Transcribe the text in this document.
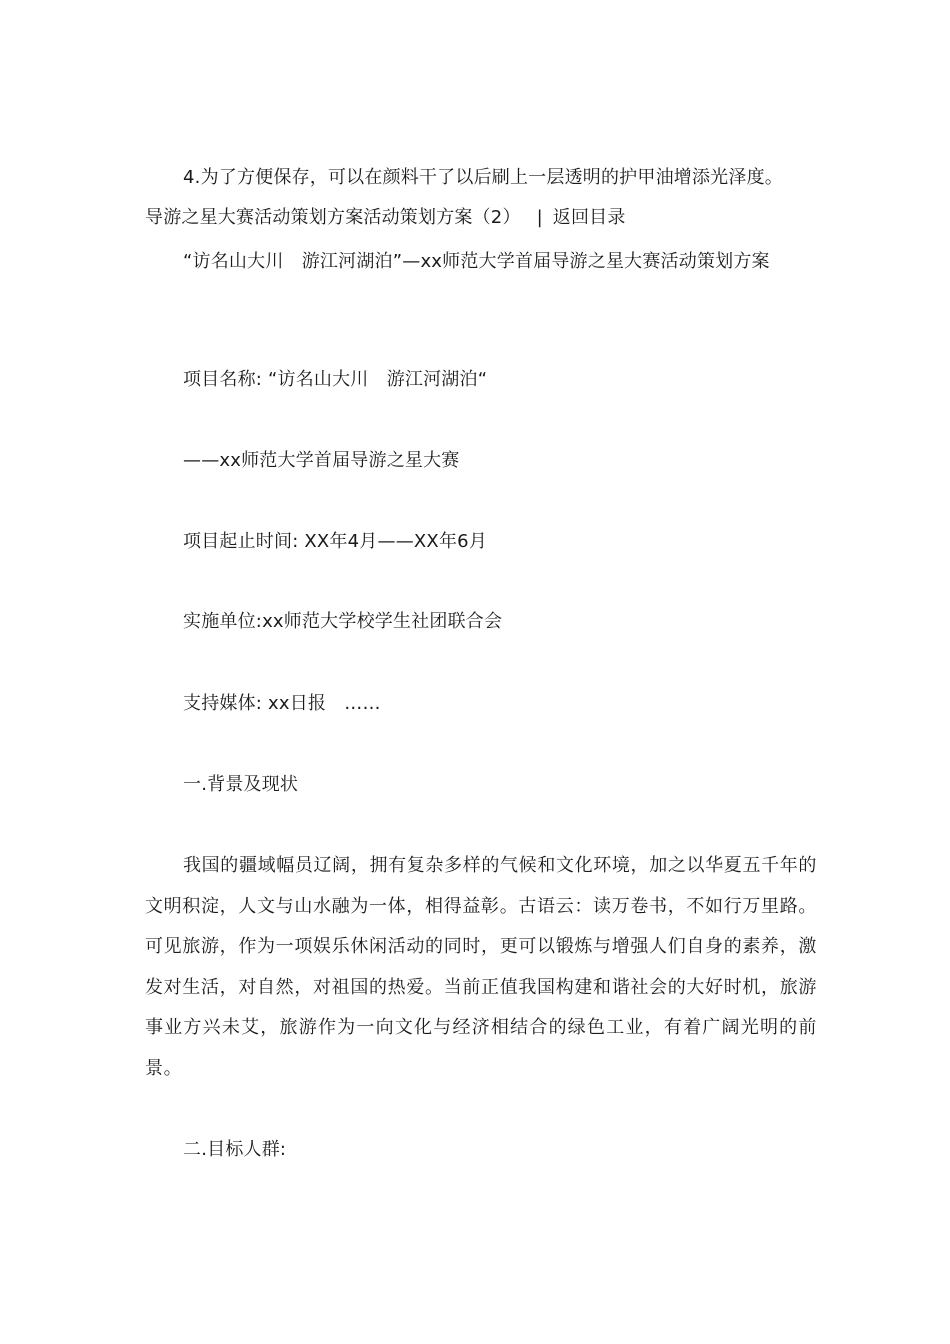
4.为了方便保存，可以在颜料干了以后刷上一层透明的护甲油增添光泽度。
导游之星大赛活动策划方案活动策划方案（2） | 返回目录
“访名山大川　游江河湖泊”—xx师范大学首届导游之星大赛活动策划方案
项目名称: “访名山大川　游江河湖泊“
——xx师范大学首届导游之星大赛
项目起止时间: XX年4月——XX年6月
实施单位:xx师范大学校学生社团联合会
支持媒体: xx日报　……
一.背景及现状
我国的疆域幅员辽阔，拥有复杂多样的气候和文化环境，加之以华夏五千年的文明积淀，人文与山水融为一体，相得益彰。古语云：读万卷书，不如行万里路。可见旅游，作为一项娱乐休闲活动的同时，更可以锻炼与增强人们自身的素养，激发对生活，对自然，对祖国的热爱。当前正值我国构建和谐社会的大好时机，旅游事业方兴未艾，旅游作为一向文化与经济相结合的绿色工业，有着广阔光明的前景。
二.目标人群:
